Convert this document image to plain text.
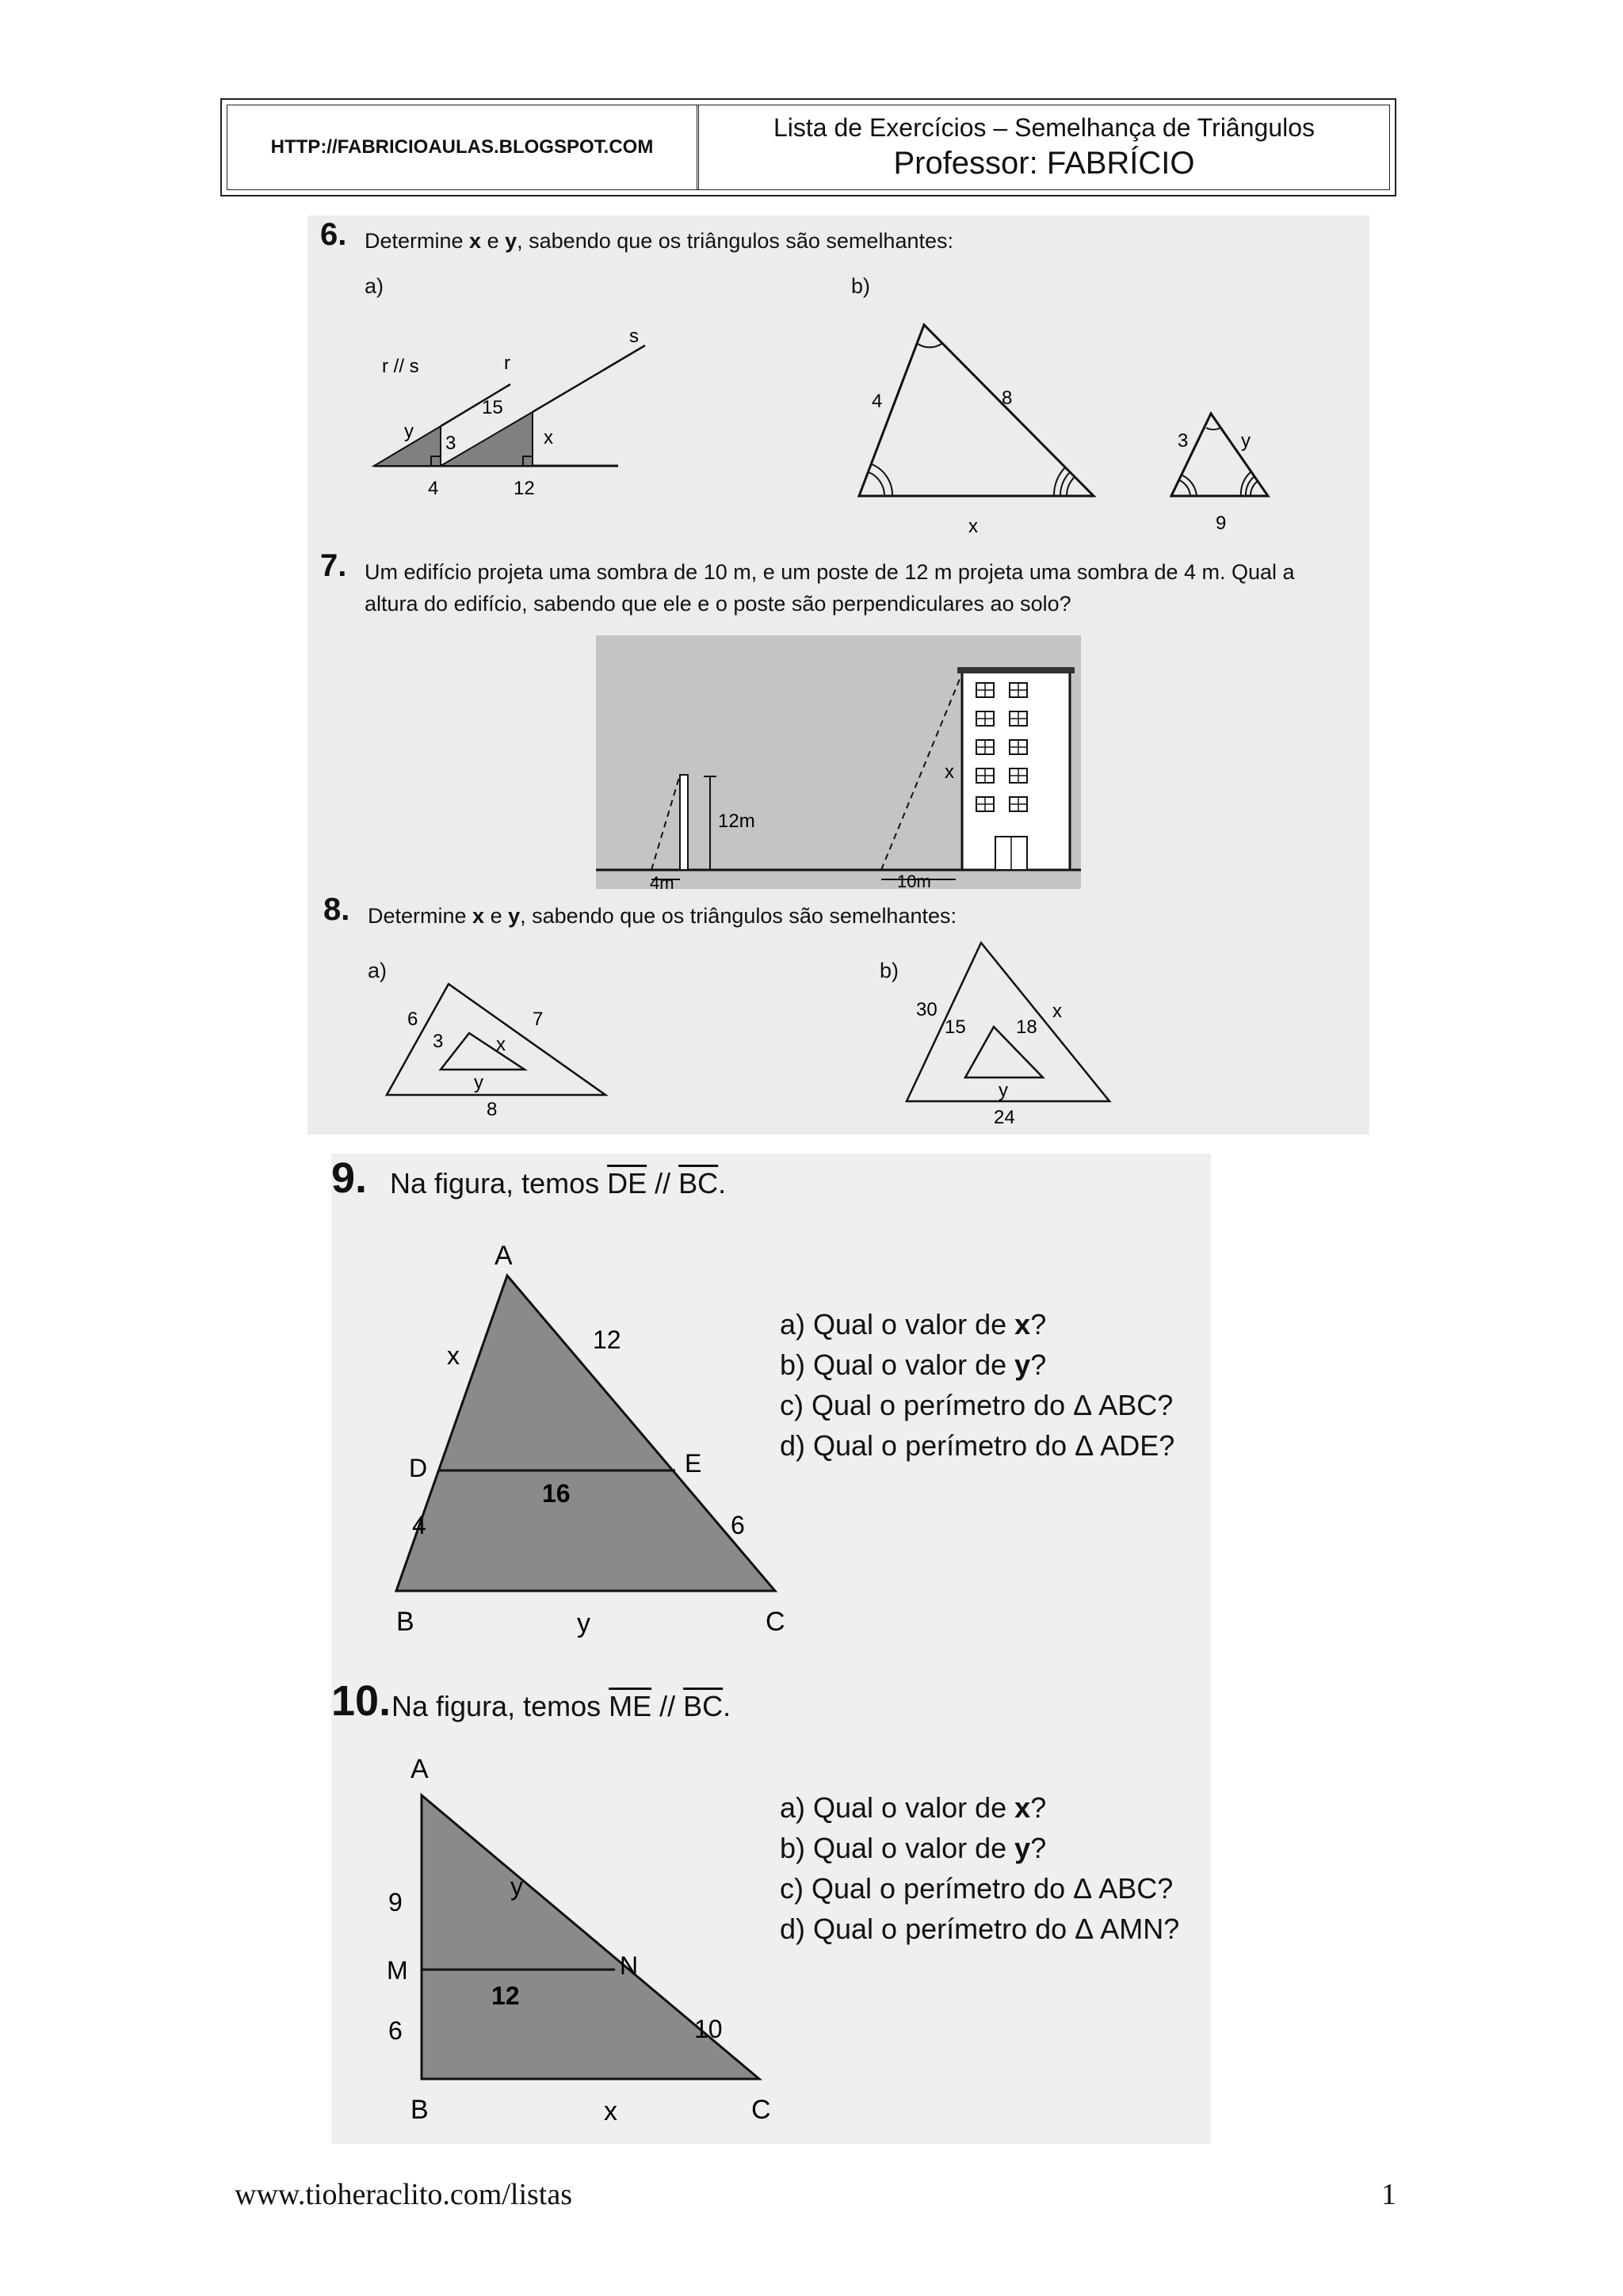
HTTP://FABRICIOAULAS.BLOGSPOT.COM
Lista de Exercícios – Semelhança de Triângulos
Professor: FABRÍCIO
6. Determine x e y, sabendo que os triângulos são semelhantes:
a)	b)
r // s	r
s
y
3
15
x
4	12
4	8
x
3	y
9
7. Um edifício projeta uma sombra de 10 m, e um poste de 12 m projeta uma sombra de 4 m. Qual a
altura do edifício, sabendo que ele e o poste são perpendiculares ao solo?
12m
4m
x
10m
8. Determine x e y, sabendo que os triângulos são semelhantes:
a)	b)
6	7
3	x
y
8
30
15	18
x
y
24
9. Na figura, temos $\overline{DE} // \overline{BC}$.
A
x
12
D	E
16
4	6
B	y	C
a) Qual o valor de x?
b) Qual o valor de y?
c) Qual o perímetro do Δ ABC?
d) Qual o perímetro do Δ ADE?
10. Na figura, temos $\overline{ME} // \overline{BC}$.
A
9
y
M	N
12
10
6
B	x	C
a) Qual o valor de x?
b) Qual o valor de y?
c) Qual o perímetro do Δ ABC?
d) Qual o perímetro do Δ AMN?
www.tioheraclito.com/listas	1
